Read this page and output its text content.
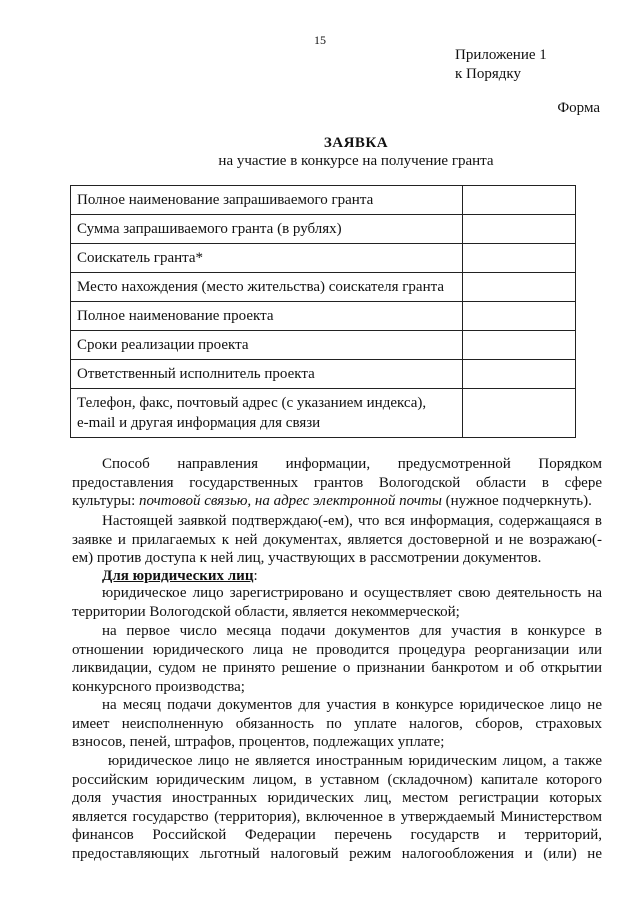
15
Приложение 1
к Порядку
Форма
ЗАЯВКА
на участие в конкурсе на получение гранта
Полное наименование запрашиваемого гранта	
Сумма запрашиваемого гранта (в рублях)	
Соискатель гранта*	
Место нахождения (место жительства) соискателя гранта	
Полное наименование проекта	
Сроки реализации проекта	
Ответственный исполнитель проекта	

Телефон, факс, почтовый адрес (с указанием индекса),
e-mail и другая информация для связи	

Способ направления информации, предусмотренной Порядком

предоставления государственных грантов Вологодской области в сфере

культуры: почтовой связью, на адрес электронной почты (нужное подчеркнуть).

Настоящей заявкой подтверждаю(-ем), что вся информация, содержащаяся в

заявке и прилагаемых к ней документах, является достоверной и не возражаю(-

ем) против доступа к ней лиц, участвующих в рассмотрении документов.

Для юридических лиц:

юридическое лицо зарегистрировано и осуществляет свою деятельность на

территории Вологодской области, является некоммерческой;

на первое число месяца подачи документов для участия в конкурсе в

отношении юридического лица не проводится процедура реорганизации или

ликвидации, судом не принято решение о признании банкротом и об открытии

конкурсного производства;

на месяц подачи документов для участия в конкурсе юридическое лицо не

имеет неисполненную обязанность по уплате налогов, сборов, страховых

взносов, пеней, штрафов, процентов, подлежащих уплате;

юридическое лицо не является иностранным юридическим лицом, а также

российским юридическим лицом, в уставном (складочном) капитале которого

доля участия иностранных юридических лиц, местом регистрации которых

является государство (территория), включенное в утверждаемый Министерством

финансов Российской Федерации перечень государств и территорий,

предоставляющих льготный налоговый режим налогообложения и (или) не
